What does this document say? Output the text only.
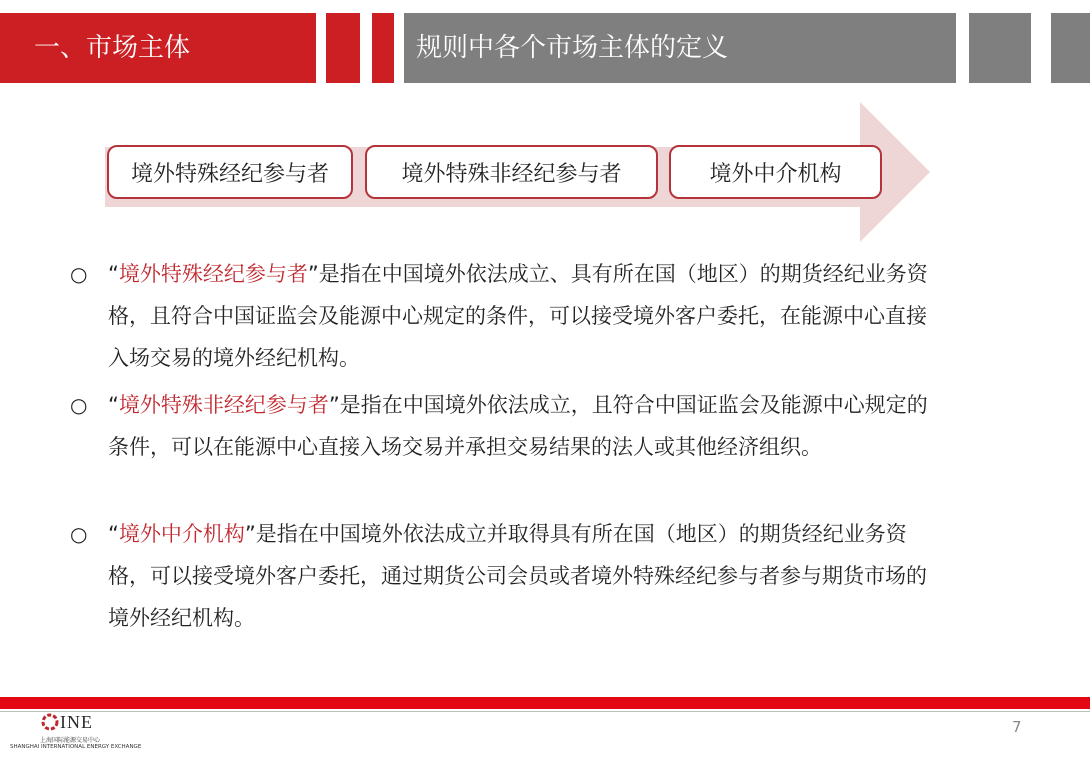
一、市场主体	规则中各个市场主体的定义
境外特殊经纪参与者	境外特殊非经纪参与者	境外中介机构
○ “境外特殊经纪参与者”是指在中国境外依法成立、具有所在国（地区）的期货经纪业务资格，且符合中国证监会及能源中心规定的条件，可以接受境外客户委托，在能源中心直接入场交易的境外经纪机构。
○ “境外特殊非经纪参与者”是指在中国境外依法成立，且符合中国证监会及能源中心规定的条件，可以在能源中心直接入场交易并承担交易结果的法人或其他经济组织。
○ “境外中介机构”是指在中国境外依法成立并取得具有所在国（地区）的期货经纪业务资格，可以接受境外客户委托，通过期货公司会员或者境外特殊经纪参与者参与期货市场的境外经纪机构。
INE
上海国际能源交易中心
SHANGHAI INTERNATIONAL ENERGY EXCHANGE
7
